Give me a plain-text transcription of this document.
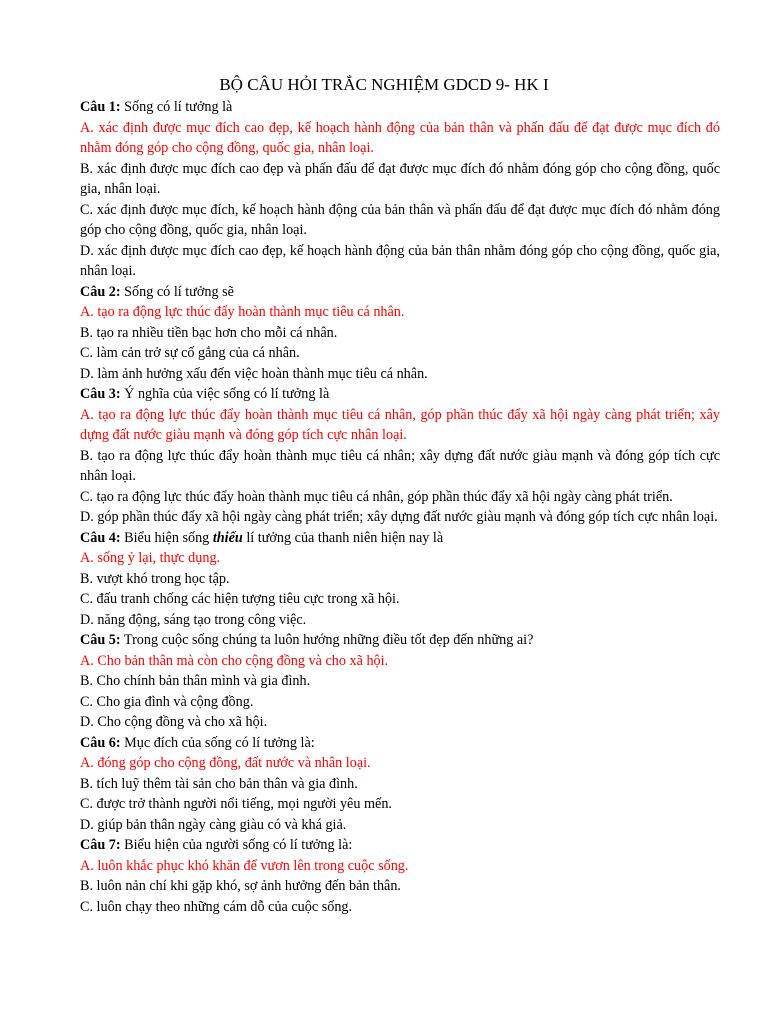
BỘ CÂU HỎI TRẮC NGHIỆM GDCD 9- HK I

Câu 1: Sống có lí tưởng là

A. xác định được mục đích cao đẹp, kế hoạch hành động của bản thân và phấn đấu để đạt được mục đích đó nhằm đóng góp cho cộng đồng, quốc gia, nhân loại.

B. xác định được mục đích cao đẹp và phấn đấu để đạt được mục đích đó nhằm đóng góp cho cộng đồng, quốc gia, nhân loại.

C. xác định được mục đích, kế hoạch hành động của bản thân và phấn đấu để đạt được mục đích đó nhằm đóng góp cho cộng đồng, quốc gia, nhân loại.

D. xác định được mục đích cao đẹp, kế hoạch hành động của bản thân nhằm đóng góp cho cộng đồng, quốc gia, nhân loại.

Câu 2: Sống có lí tưởng sẽ

A. tạo ra động lực thúc đẩy hoàn thành mục tiêu cá nhân.

B. tạo ra nhiều tiền bạc hơn cho mỗi cá nhân.

C. làm cản trở sự cố gắng của cá nhân.

D. làm ảnh hưởng xấu đến việc hoàn thành mục tiêu cá nhân.

Câu 3: Ý nghĩa của việc sống có lí tưởng là

A. tạo ra động lực thúc đẩy hoàn thành mục tiêu cá nhân, góp phần thúc đẩy xã hội ngày càng phát triển; xây dựng đất nước giàu mạnh và đóng góp tích cực nhân loại.

B. tạo ra động lực thúc đẩy hoàn thành mục tiêu cá nhân; xây dựng đất nước giàu mạnh và đóng góp tích cực nhân loại.

C. tạo ra động lực thúc đẩy hoàn thành mục tiêu cá nhân, góp phần thúc đẩy xã hội ngày càng phát triển.

D. góp phần thúc đẩy xã hội ngày càng phát triển; xây dựng đất nước giàu mạnh và đóng góp tích cực nhân loại.

Câu 4: Biểu hiện sống thiếu lí tưởng của thanh niên hiện nay là

A. sống ỷ lại, thực dụng.

B. vượt khó trong học tập.

C. đấu tranh chống các hiện tượng tiêu cực trong xã hội.

D. năng động, sáng tạo trong công việc.

Câu 5: Trong cuộc sống chúng ta luôn hướng những điều tốt đẹp đến những ai?

A. Cho bản thân mà còn cho cộng đồng và cho xã hội.

B. Cho chính bản thân mình và gia đình.

C. Cho gia đình và cộng đồng.

D. Cho cộng đồng và cho xã hội.

Câu 6: Mục đích của sống có lí tưởng là:

A. đóng góp cho cộng đồng, đất nước và nhân loại.

B. tích luỹ thêm tài sản cho bản thân và gia đình.

C. được trở thành người nổi tiếng, mọi người yêu mến.

D. giúp bản thân ngày càng giàu có và khá giả.

Câu 7: Biểu hiện của người sống có lí tưởng là:

A. luôn khắc phục khó khăn để vươn lên trong cuộc sống.

B. luôn nản chí khi gặp khó, sợ ảnh hưởng đến bản thân.

C. luôn chạy theo những cám dỗ của cuộc sống.
